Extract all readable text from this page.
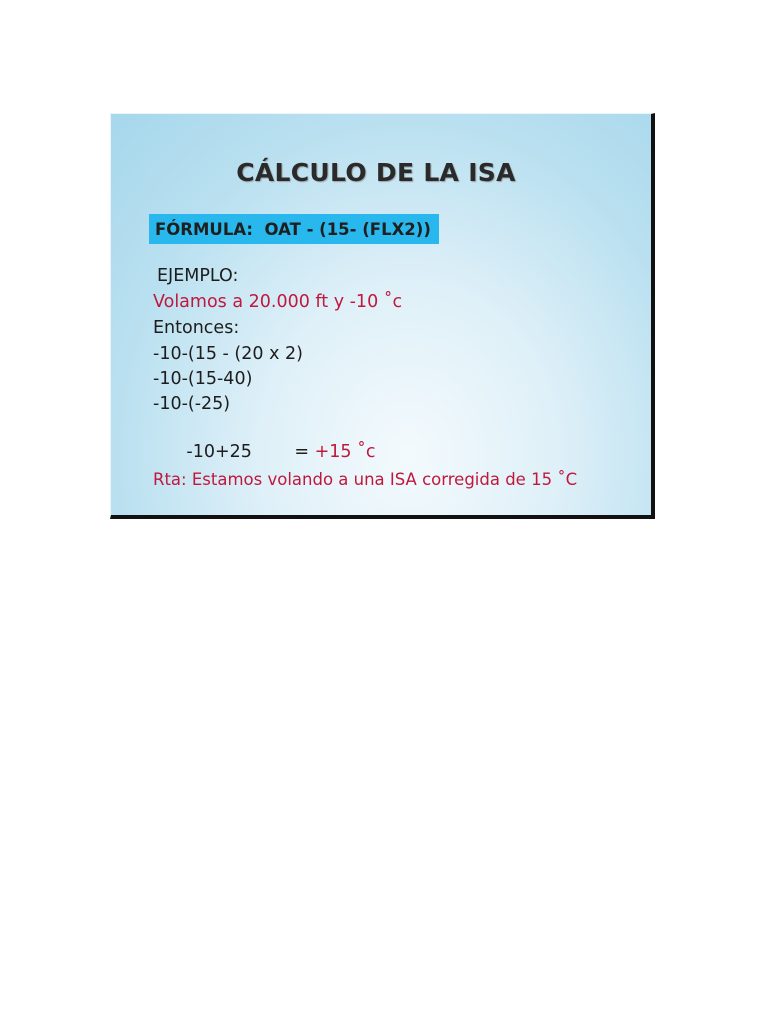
CÁLCULO DE LA ISA
FÓRMULA:  OAT - (15- (FLX2))
EJEMPLO:
Volamos a 20.000 ft y -10 ˚c
Entonces:
-10-(15 - (20 x 2)
-10-(15-40)
-10-(-25)

-10+25 = +15 ˚c

Rta: Estamos volando a una ISA corregida de 15 ˚C
